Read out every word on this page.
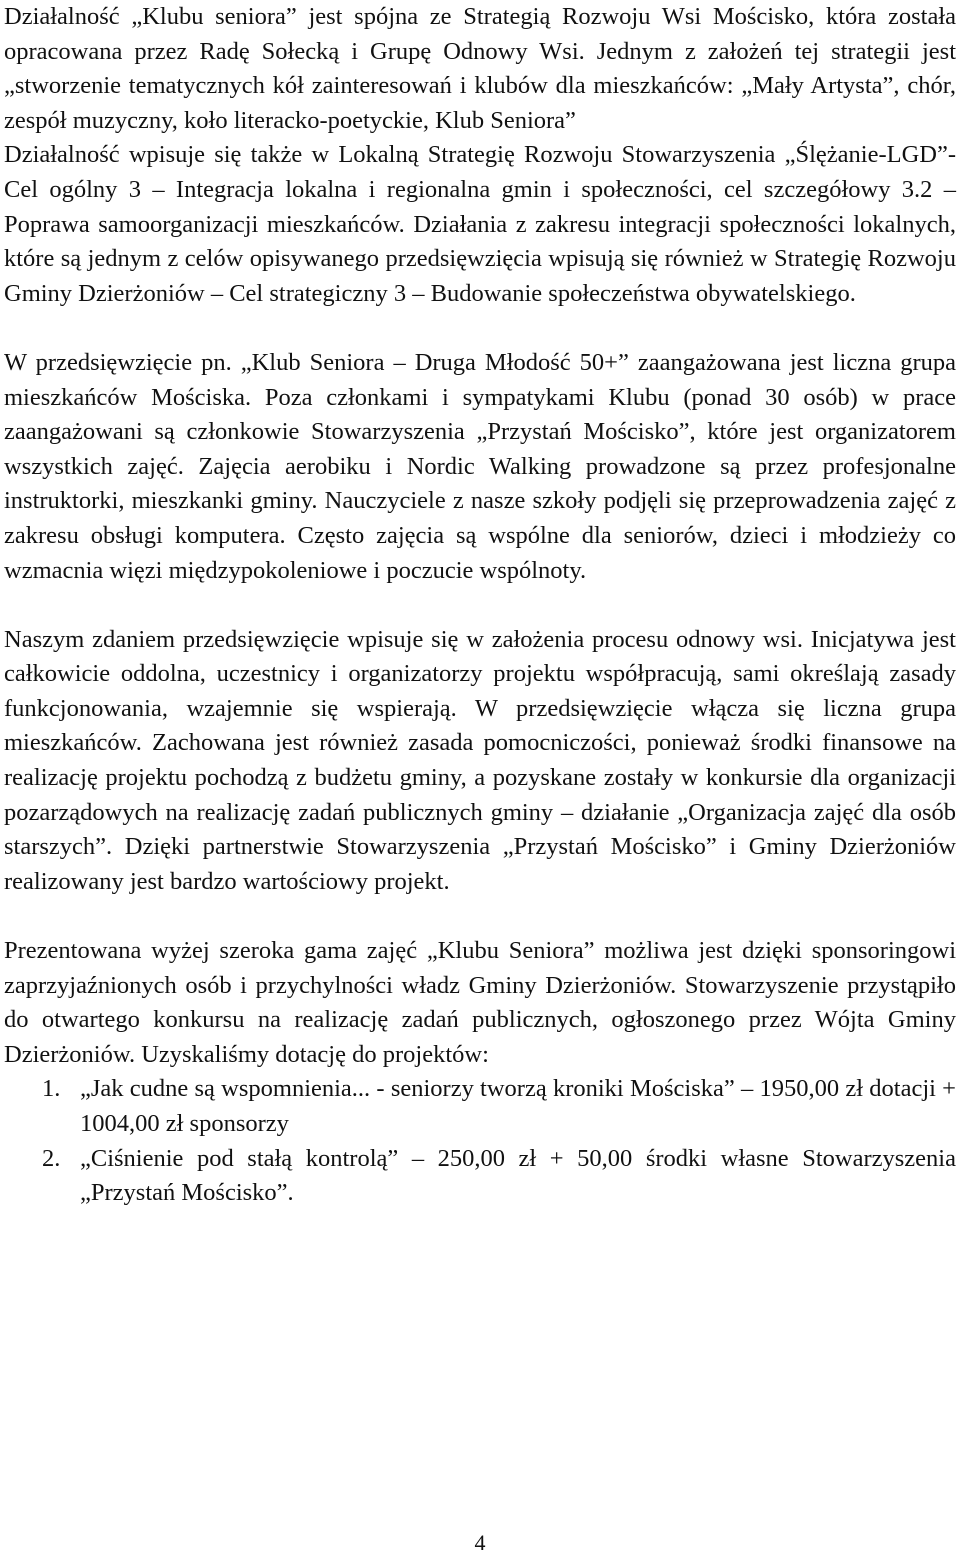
Działalność „Klubu seniora” jest spójna ze Strategią Rozwoju Wsi Mościsko, która została opracowana przez Radę Sołecką i Grupę Odnowy Wsi. Jednym z założeń tej strategii jest „stworzenie tematycznych kół zainteresowań i klubów dla mieszkańców: „Mały Artysta”, chór, zespół muzyczny, koło literacko-poetyckie, Klub Seniora”

Działalność wpisuje się także w Lokalną Strategię Rozwoju Stowarzyszenia „Ślężanie-LGD”- Cel ogólny 3 – Integracja lokalna i regionalna gmin i społeczności, cel szczegółowy 3.2 – Poprawa samoorganizacji mieszkańców. Działania z zakresu integracji społeczności lokalnych, które są jednym z celów opisywanego przedsięwzięcia wpisują się również w Strategię Rozwoju Gminy Dzierżoniów – Cel strategiczny 3 – Budowanie społeczeństwa obywatelskiego.

W przedsięwzięcie pn. „Klub Seniora – Druga Młodość 50+” zaangażowana jest liczna grupa mieszkańców Mościska. Poza członkami i sympatykami Klubu (ponad 30 osób) w prace zaangażowani są członkowie Stowarzyszenia „Przystań Mościsko”, które jest organizatorem wszystkich zajęć. Zajęcia aerobiku i Nordic Walking prowadzone są przez profesjonalne instruktorki, mieszkanki gminy. Nauczyciele z nasze szkoły podjęli się przeprowadzenia zajęć z zakresu obsługi komputera. Często zajęcia są wspólne dla seniorów, dzieci i młodzieży co wzmacnia więzi międzypokoleniowe i poczucie wspólnoty.

Naszym zdaniem przedsięwzięcie wpisuje się w założenia procesu odnowy wsi. Inicjatywa jest całkowicie oddolna, uczestnicy i organizatorzy projektu współpracują, sami określają zasady funkcjonowania, wzajemnie się wspierają. W przedsięwzięcie włącza się liczna grupa mieszkańców. Zachowana jest również zasada pomocniczości, ponieważ środki finansowe na realizację projektu pochodzą z budżetu gminy, a pozyskane zostały w konkursie dla organizacji pozarządowych na realizację zadań publicznych gminy – działanie „Organizacja zajęć dla osób starszych”. Dzięki partnerstwie Stowarzyszenia „Przystań Mościsko” i Gminy Dzierżoniów realizowany jest bardzo wartościowy projekt.

Prezentowana wyżej szeroka gama zajęć „Klubu Seniora” możliwa jest dzięki sponsoringowi zaprzyjaźnionych osób i przychylności władz Gminy Dzierżoniów. Stowarzyszenie przystąpiło do otwartego konkursu na realizację zadań publicznych, ogłoszonego przez Wójta Gminy Dzierżoniów. Uzyskaliśmy dotację do projektów:

1. „Jak cudne są wspomnienia... - seniorzy tworzą kroniki Mościska” – 1950,00 zł dotacji + 1004,00 zł sponsorzy
2. „Ciśnienie pod stałą kontrolą” – 250,00 zł + 50,00 środki własne Stowarzyszenia „Przystań Mościsko”.
4
